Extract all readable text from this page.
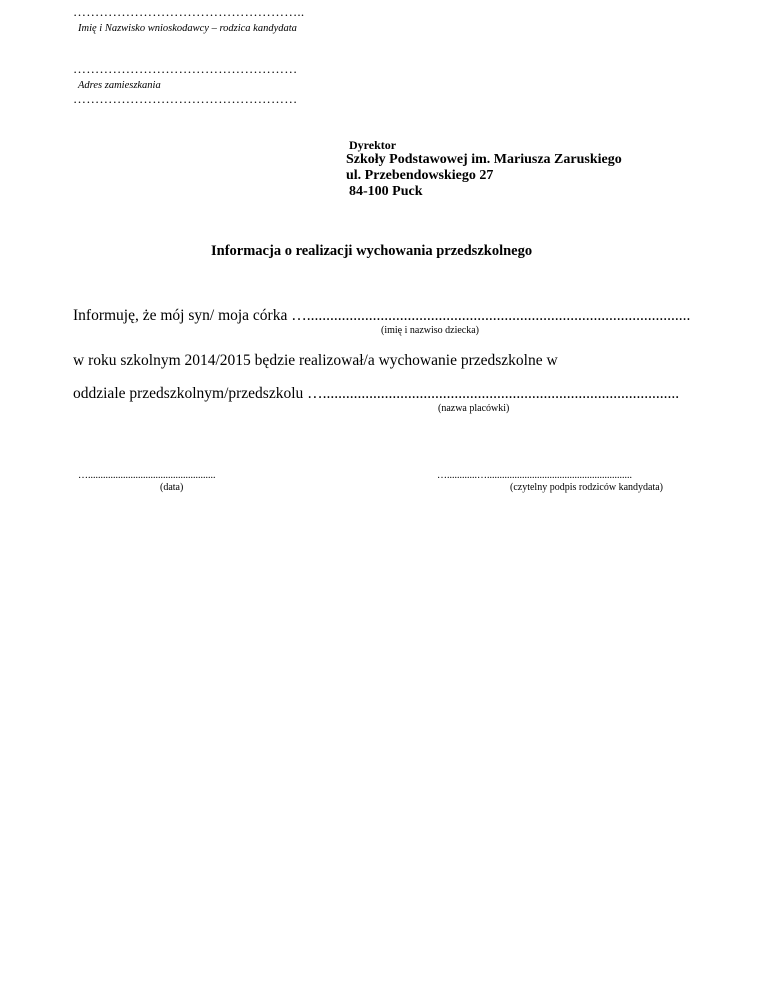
……………………………………………..
Imię i Nazwisko wnioskodawcy – rodzica kandydata
……………………………………………
Adres zamieszkania
……………………………………………
Dyrektor
Szkoły Podstawowej im. Mariusza Zaruskiego
ul. Przebendowskiego 27
84-100 Puck
Informacja o realizacji wychowania przedszkolnego
Informuję, że mój syn/ moja córka …...................................................................................................
(imię i nazwiso dziecka)
w roku szkolnym 2014/2015 będzie realizował/a wychowanie przedszkolne w
oddziale przedszkolnym/przedszkolu …............................................................................................
(nazwa placówki)
…...................................................
(data)
…............…..........................................................
(czytelny podpis rodziców kandydata)
